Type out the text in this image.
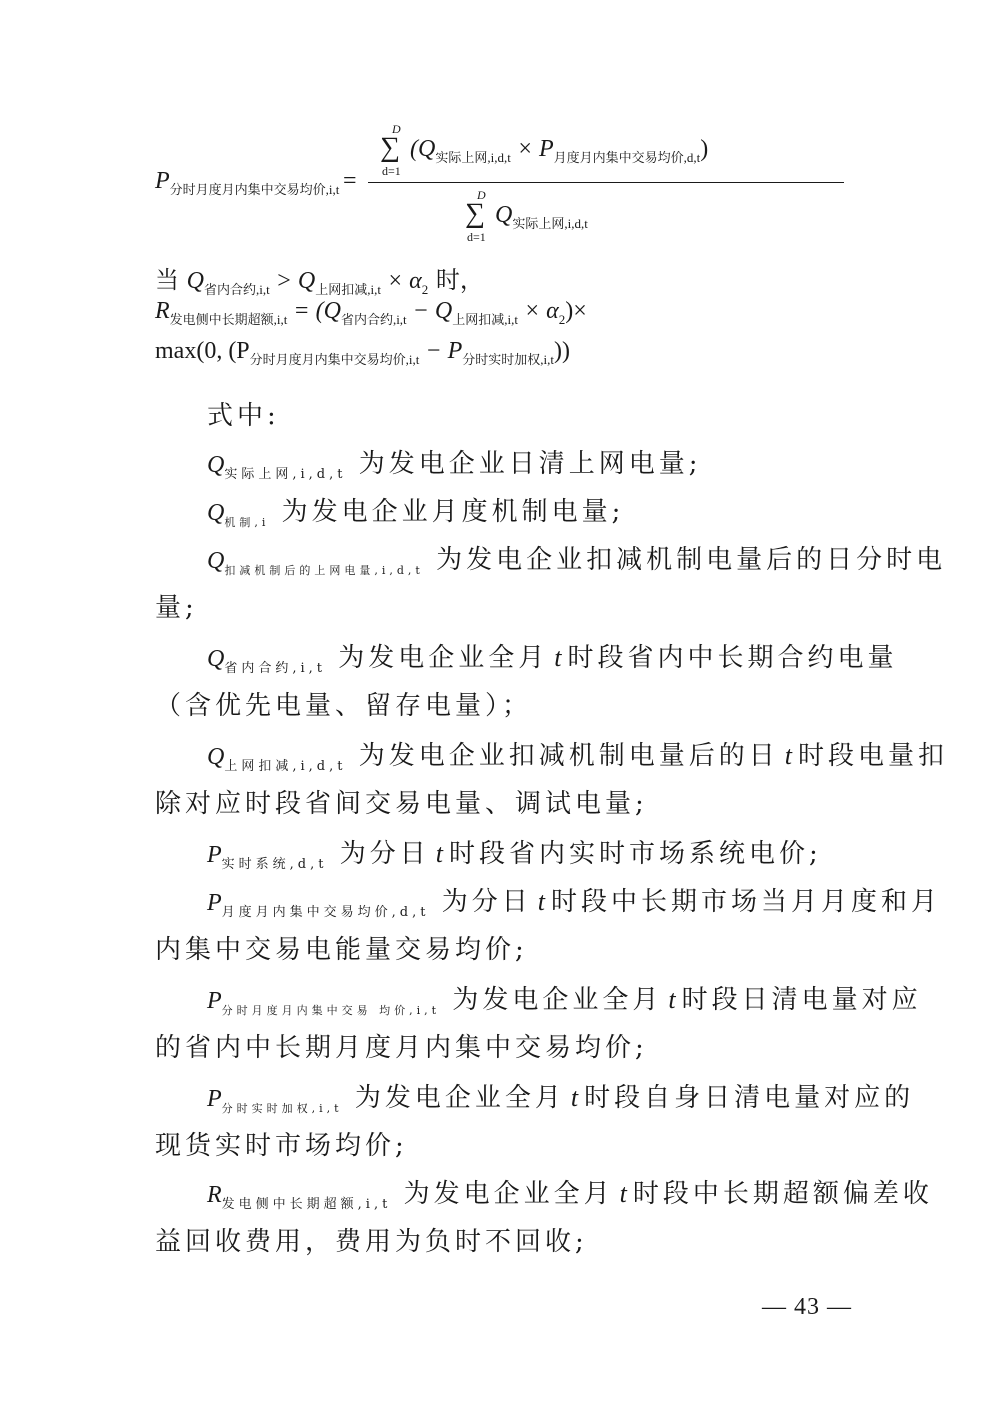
$P_{分时月度月内集中交易均价,i,t}$ =
D
∑
d=1
$(Q_{实际上网,i,d,t} \times P_{月度月内集中交易均价,d,t})$
D
∑
d=1
$Q_{实际上网,i,d,t}$
当 $Q_{省内合约,i,t} > Q_{上网扣减,i,t} \times \alpha_2$ 时，
$R_{发电侧中长期超额,i,t} = (Q_{省内合约,i,t} - Q_{上网扣减,i,t} \times \alpha_2)\times$
max(0, $(P_{分时月度月内集中交易均价,i,t} - P_{分时实时加权,i,t})$)
式中:
$Q_{实际上网,i,d,t}$ 为发电企业日清上网电量;
$Q_{机制,i}$ 为发电企业月度机制电量;
$Q_{扣减机制后的上网电量,i,d,t}$ 为发电企业扣减机制电量后的日分时电
量;
$Q_{省内合约,i,t}$ 为发电企业全月 t 时段省内中长期合约电量
（含优先电量、留存电量）；
$Q_{上网扣减,i,d,t}$ 为发电企业扣减机制电量后的日 t 时段电量扣
除对应时段省间交易电量、调试电量;
$P_{实时系统,d,t}$ 为分日 t 时段省内实时市场系统电价;
$P_{月度月内集中交易均价,d,t}$ 为分日 t 时段中长期市场当月月度和月
内集中交易电能量交易均价;
$P_{分时月度月内集中交易 均价,i,t}$ 为发电企业全月 t 时段日清电量对应
的省内中长期月度月内集中交易均价;
$P_{分时实时加权,i,t}$ 为发电企业全月 t 时段自身日清电量对应的
现货实时市场均价;
$R_{发电侧中长期超额,i,t}$ 为发电企业全月 t 时段中长期超额偏差收
益回收费用，费用为负时不回收;
— 43 —
